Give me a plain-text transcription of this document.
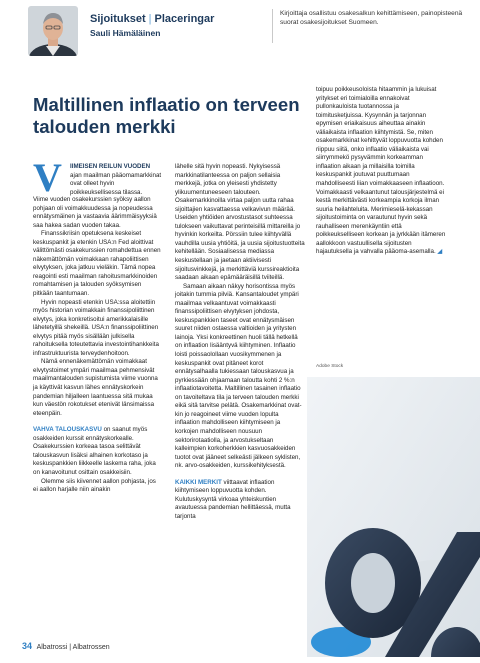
Sijoitukset | Placeringar
Sauli Hämäläinen
Kirjoittaja osallistuu osakesalkun kehittämiseen, painopisteenä suorat osakesijoitukset Suomeen.
Maltillinen inflaatio on terveen talouden merkki
V IIMEISEN REILUN VUODEN ajan maailman pääomamarkkinat ovat olleet hyvin poikkeuksellisessa tilassa.

Viime vuoden osakekurssien syöksy aallon pohjaan oli voimakkuudessa ja nopeudessa ennätysmäinen ja vastaavia äärimmäisyyksiä saa hakea sadan vuoden takaa.

Finanssikriisin opetuksena keskeiset keskuspankit ja etenkin USA:n Fed aloittivat välittömästi osakekurssien romahdettua ennen näkemättömän voimakkaan rahapoliittisen elvytyksen, joka jatkuu vieläkin. Tämä nopea reagointi esti maailman rahoitusmarkkinoiden romahtamisen ja talouden syöksymisen pitkään taantumaan.

Hyvin nopeasti etenkin USA:ssa aloitettiin myös historian voimakkain finanssipoliittinen elvytys, joka konkretisoitui amerikkalaisille lähetetyillä shekeillä. USA:n finanssipoliittinen elvytys pitää myös sisällään julkisella rahoituksella toteutettavia investointihankkeita infrastruktuuristа terveydenhoitoon.

Nämä ennenäkemättömän voimakkaat elvytystoimet ympäri maailmaa pehmensivät maailmantalouden supistumista viime vuonna ja käyttivät kasvun lähes ennätyskorkein pandemian hiljalleen laantuessa sitä mukaa kun väestön rokotukset etenivät länsimaissa eteenpäin.

VAHVA TALOUSKASVU on saanut myös osakkeiden kurssit ennätyskorkealle. Osakekurssien korkeaa tasoa selittävät talouskasvun lisäksi alhainen korkotaso ja keskuspankkien liikkeelle laskema raha, joka on kanavoitunut osittain osakkeisiin.

Olemme siis kiivennet aallon pohjasta, jos ei aallon harjalle niin ainakin

lähelle sitä hyvin nopeasti. Nykyisessä markkinatilanteessa on paljon sellaisia merkkejä, jotka on yleisesti yhdistetty ylikuumentuneeseen talouteen. Osakemarkkinoilla virtaa paljon uutta rahaa sijoittajien kasvattaessa velkavivun määrää. Useiden yhtiöiden arvostustasot suhteessa tulokseen vaikuttavat perinteisillä mittareilla jo hyvinkin korkeilta. Pörssiin tulee kiihtyvällä vauhdilla uusia yhtiöitä, ja uusia sijoitustuotteita kehitellään. Sosiaalisessa mediassa keskustellaan ja jaetaan aktiivisesti sijoitusvinkkejä, ja merkittäviä kurssireaktioita saadaan aikaan epämääräisillä tviiteillä.

Samaan aikaan näkyy horisontissa myös joitakin tummia pilviä. Kansantaloudet ympäri maailmaa velkaantuvat voimakkaasti finanssipoliittisen elvytyksen johdosta, keskuspankkien taseet ovat ennätysmäisen suuret niiden ostaessa valtioiden ja yritysten lainoja. Yksi konkreettinen huoli tällä hetkellä on inflaation lisääntyvä kiihtyminen. Inflaatio loisti poissaolollaan vuosikymmenen ja keskuspankit ovat pitäneet korot ennätysalhaalla tukiessaan talouskasvua ja pyrkiessään ohjaamaan taloutta kohti 2 %:n inflaatiotavoitetta. Maltillinen tasainen inflaatio on tavoiteltava tila ja terveen talouden merkki eikä sitä tarvitse pelätä. Osakemarkkinat ovat-kin jo reagoineet viime vuoden lopulta inflaation mahdolliseen kiihtymiseen ja korkojen mahdolliseen nousuun sektorirotaatiolla, ja arvostukseltaan kalleimpien korkoherkkien kasvuosakkeiden tuotot ovat jääneet selkeästi jälkeen syklisten, nk. arvo-osakkeiden, kurssikehityksestä.

KAIKKI MERKIT viittaavat inflaation kiihtymiseen loppuvuotta kohden. Kulutuskysyntä virkoaa yhteiskuntien avautuessa pandemian hellittäessä, mutta tarjonta

toipuu poikkeusoloista hitaammin ja lukuisat yritykset eri toimialoilla ennakoivat pullonkauloista tuotannossa ja toimitusketjuissa. Kysynnän ja tarjonnan epymisen eriaikaisuus aiheuttaa ainakin väliaikaista inflaation kiihtymistä. Se, miten osakemarkkinat kehittyvät loppuvuotta kohden riippuu siitä, onko inflaatio väliaikaista vai siirrymmekö pysyvämmin korkeamman inflaation aikaan ja millaisilla toimilla keskuspankit joutuvat puuttumaan mahdolliseesti liian voimakkaaseen inflaatioon. Voimakkaasti velkaantunut talousjärjestelmä ei kestä merkittävästi korkeampia korkoja ilman suuria heilahteluita. Merimieselä-kekassan sijoitustoiminta on varautunut hyvin sekä rauhalliseen merenkäyntiin että poikkeukselliseen korkean ja jyrkkään itämeren aallokkoon vastuullisella sijoitusten hajautuksella ja vahvalla pääoma-asemalla. ◢

Adobe Stock
34 Albatrossi | Albatrossen
